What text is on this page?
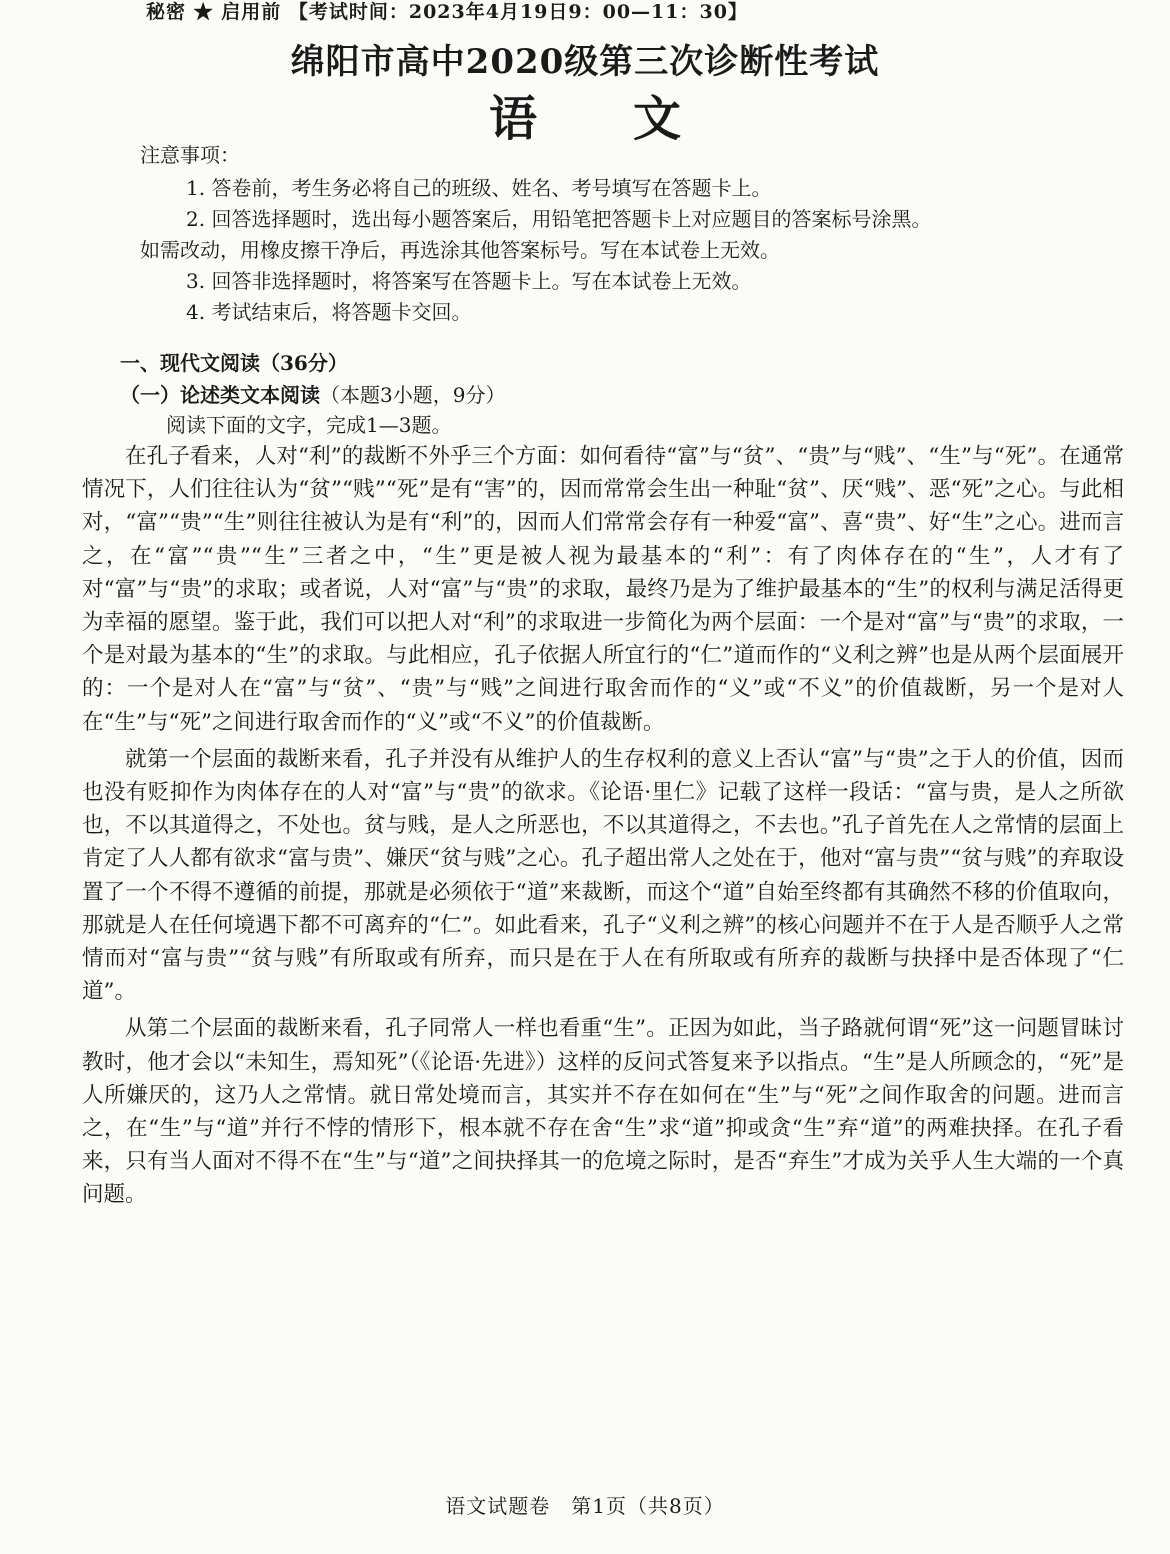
秘密 ★ 启用前 【考试时间：2023年4月19日9：00—11：30】
绵阳市高中2020级第三次诊断性考试
语　　文
注意事项：
1. 答卷前，考生务必将自己的班级、姓名、考号填写在答题卡上。
2. 回答选择题时，选出每小题答案后，用铅笔把答题卡上对应题目的答案标号涂黑。
如需改动，用橡皮擦干净后，再选涂其他答案标号。写在本试卷上无效。
3. 回答非选择题时，将答案写在答题卡上。写在本试卷上无效。
4. 考试结束后，将答题卡交回。
一、现代文阅读（36分）
（一）论述类文本阅读（本题3小题，9分）
阅读下面的文字，完成1—3题。

在孔子看来，人对“利”的裁断不外乎三个方面：如何看待“富”与“贫”、“贵”与“贱”、“生”与“死”。在通常情况下，人们往往认为“贫”“贱”“死”是有“害”的，因而常常会生出一种耻“贫”、厌“贱”、恶“死”之心。与此相对，“富”“贵”“生”则往往被认为是有“利”的，因而人们常常会存有一种爱“富”、喜“贵”、好“生”之心。进而言之，在“富”“贵”“生”三者之中，“生”更是被人视为最基本的“利”：有了肉体存在的“生”，人才有了对“富”与“贵”的求取；或者说，人对“富”与“贵”的求取，最终乃是为了维护最基本的“生”的权利与满足活得更为幸福的愿望。鉴于此，我们可以把人对“利”的求取进一步简化为两个层面：一个是对“富”与“贵”的求取，一个是对最为基本的“生”的求取。与此相应，孔子依据人所宜行的“仁”道而作的“义利之辨”也是从两个层面展开的：一个是对人在“富”与“贫”、“贵”与“贱”之间进行取舍而作的“义”或“不义”的价值裁断，另一个是对人在“生”与“死”之间进行取舍而作的“义”或“不义”的价值裁断。

就第一个层面的裁断来看，孔子并没有从维护人的生存权利的意义上否认“富”与“贵”之于人的价值，因而也没有贬抑作为肉体存在的人对“富”与“贵”的欲求。《论语·里仁》记载了这样一段话：“富与贵，是人之所欲也，不以其道得之，不处也。贫与贱，是人之所恶也，不以其道得之，不去也。”孔子首先在人之常情的层面上肯定了人人都有欲求“富与贵”、嫌厌“贫与贱”之心。孔子超出常人之处在于，他对“富与贵”“贫与贱”的弃取设置了一个不得不遵循的前提，那就是必须依于“道”来裁断，而这个“道”自始至终都有其确然不移的价值取向，那就是人在任何境遇下都不可离弃的“仁”。如此看来，孔子“义利之辨”的核心问题并不在于人是否顺乎人之常情而对“富与贵”“贫与贱”有所取或有所弃，而只是在于人在有所取或有所弃的裁断与抉择中是否体现了“仁道”。

从第二个层面的裁断来看，孔子同常人一样也看重“生”。正因为如此，当子路就何谓“死”这一问题冒昧讨教时，他才会以“未知生，焉知死”（《论语·先进》）这样的反问式答复来予以指点。“生”是人所顾念的，“死”是人所嫌厌的，这乃人之常情。就日常处境而言，其实并不存在如何在“生”与“死”之间作取舍的问题。进而言之，在“生”与“道”并行不悖的情形下，根本就不存在舍“生”求“道”抑或贪“生”弃“道”的两难抉择。在孔子看来，只有当人面对不得不在“生”与“道”之间抉择其一的危境之际时，是否“弃生”才成为关乎人生大端的一个真问题。

语文试题卷　第1页（共8页）
